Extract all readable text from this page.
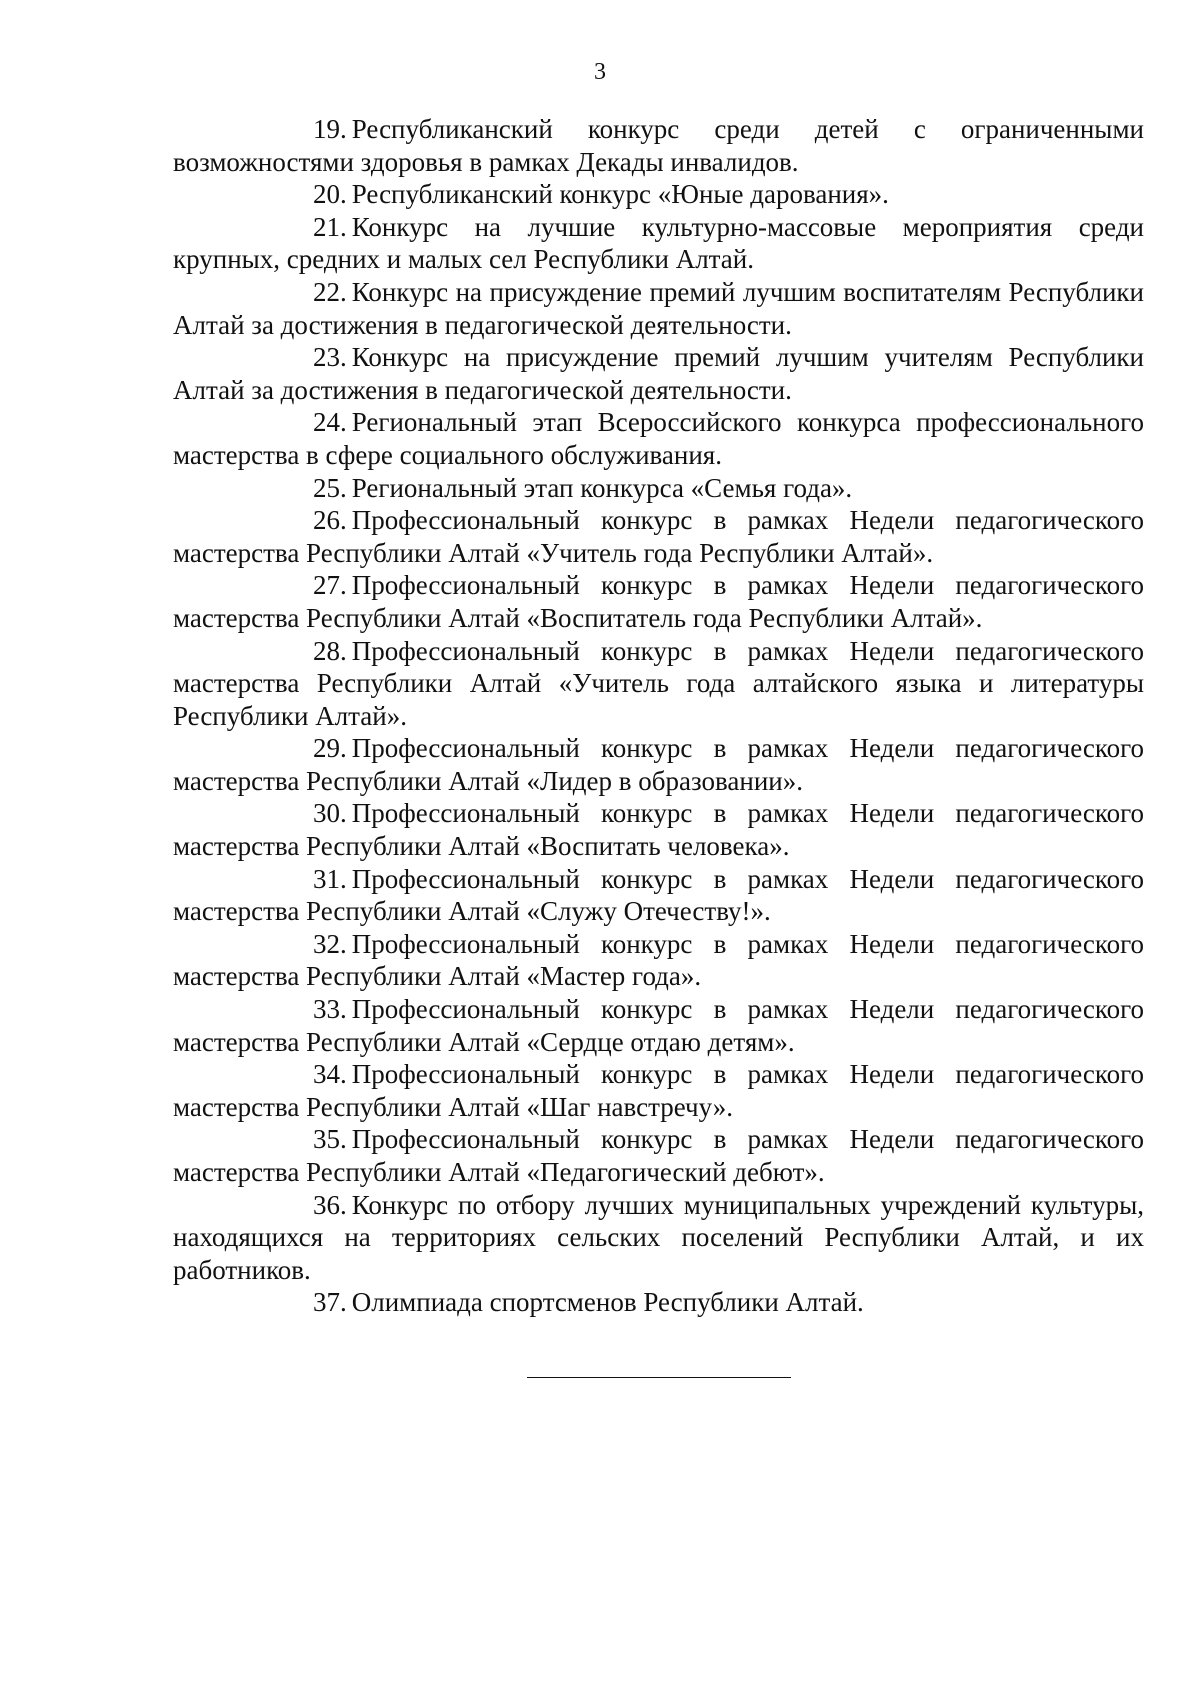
3

19. Республиканский конкурс среди детей с ограниченными возможностями здоровья в рамках Декады инвалидов.

20. Республиканский конкурс «Юные дарования».

21. Конкурс на лучшие культурно-массовые мероприятия среди крупных, средних и малых сел Республики Алтай.

22. Конкурс на присуждение премий лучшим воспитателям Республики Алтай за достижения в педагогической деятельности.

23. Конкурс на присуждение премий лучшим учителям Республики Алтай за достижения в педагогической деятельности.

24. Региональный этап Всероссийского конкурса профессионального мастерства в сфере социального обслуживания.

25. Региональный этап конкурса «Семья года».

26. Профессиональный конкурс в рамках Недели педагогического мастерства Республики Алтай «Учитель года Республики Алтай».

27. Профессиональный конкурс в рамках Недели педагогического мастерства Республики Алтай «Воспитатель года Республики Алтай».

28. Профессиональный конкурс в рамках Недели педагогического мастерства Республики Алтай «Учитель года алтайского языка и литературы Республики Алтай».

29. Профессиональный конкурс в рамках Недели педагогического мастерства Республики Алтай «Лидер в образовании».

30. Профессиональный конкурс в рамках Недели педагогического мастерства Республики Алтай «Воспитать человека».

31. Профессиональный конкурс в рамках Недели педагогического мастерства Республики Алтай «Служу Отечеству!».

32. Профессиональный конкурс в рамках Недели педагогического мастерства Республики Алтай «Мастер года».

33. Профессиональный конкурс в рамках Недели педагогического мастерства Республики Алтай «Сердце отдаю детям».

34. Профессиональный конкурс в рамках Недели педагогического мастерства Республики Алтай «Шаг навстречу».

35. Профессиональный конкурс в рамках Недели педагогического мастерства Республики Алтай «Педагогический дебют».

36. Конкурс по отбору лучших муниципальных учреждений культуры, находящихся на территориях сельских поселений Республики Алтай, и их работников.

37. Олимпиада спортсменов Республики Алтай.
